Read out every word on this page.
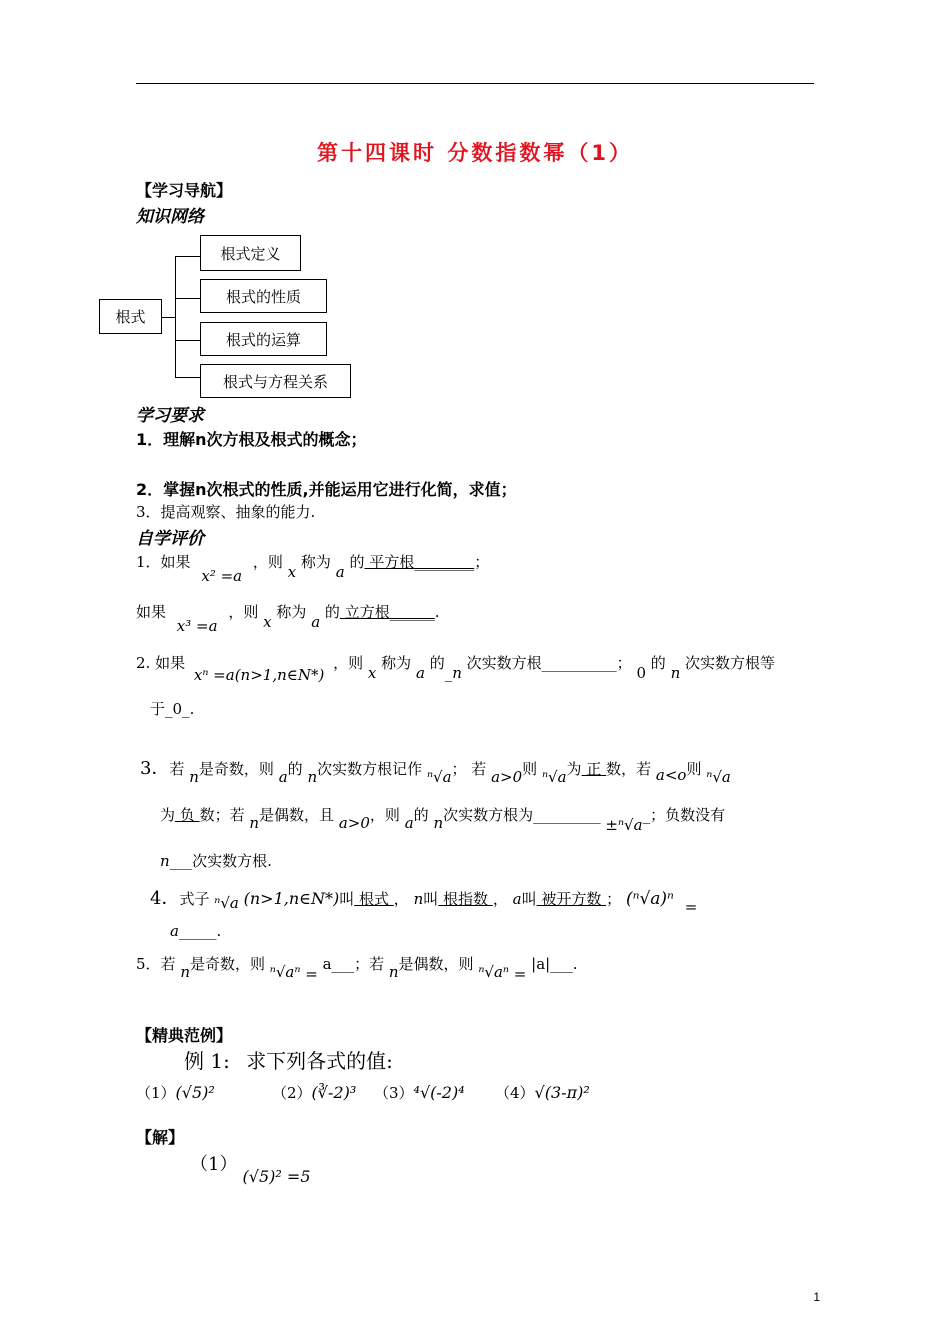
第十四课时 分数指数幂（1）
【学习导航】
知识网络
根式
根式定义
根式的性质
根式的运算
根式与方程关系
学习要求
1．理解n次方根及根式的概念；
2．掌握n次根式的性质,并能运用它进行化简，求值；
3．提高观察、抽象的能力.
自学评价
1．如果 x² =a ，则 x 称为 a 的 平方根________；
如果 x³ =a ，则 x 称为 a 的 立方根______.
2. 如果 xⁿ =a(n>1,n∈N*) ，则 x 称为 a 的_n 次实数方根__________； 0 的 n 次实数方根等
于_0_.
3．若 n是奇数，则 a的 n次实数方根记作 ⁿ√a； 若 a>0则 ⁿ√a为 正 数，若 a<o则 ⁿ√a
为 负 数；若 n是偶数，且 a>0，则 a的 n次实数方根为_________ ±ⁿ√a_；负数没有
n___次实数方根.
4．式子 ⁿ√a (n>1,n∈N*)叫 根式 ， n叫 根指数 ， a叫 被开方数 ； (ⁿ√a)ⁿ =
a_____.
5．若 n是奇数，则 ⁿ√aⁿ = a___；若 n是偶数，则 ⁿ√aⁿ = |a|___.
【精典范例】
例 1: 求下列各式的值:
（1）(√5)²	（2）(∛-2)³ （3）⁴√(-2)⁴ （4）√(3-π)²
【解】
（1） (√5)² =5
1
